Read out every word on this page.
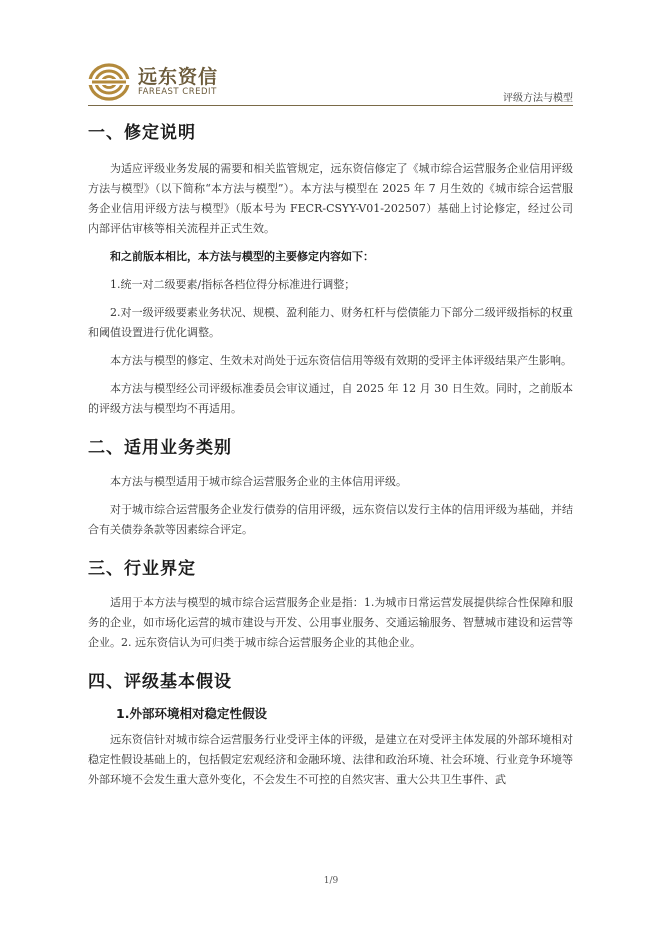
远东资信
FAREAST CREDIT
评级方法与模型
一、修定说明

为适应评级业务发展的需要和相关监管规定，远东资信修定了《城市综合运营服务企业信用评级方法与模型》（以下简称“本方法与模型”）。本方法与模型在 2025 年 7 月生效的《城市综合运营服务企业信用评级方法与模型》（版本号为 FECR-CSYY-V01-202507）基础上讨论修定，经过公司内部评估审核等相关流程并正式生效。

和之前版本相比，本方法与模型的主要修定内容如下：

1.统一对二级要素/指标各档位得分标准进行调整；

2.对一级评级要素业务状况、规模、盈利能力、财务杠杆与偿债能力下部分二级评级指标的权重和阈值设置进行优化调整。

本方法与模型的修定、生效未对尚处于远东资信信用等级有效期的受评主体评级结果产生影响。

本方法与模型经公司评级标准委员会审议通过，自 2025 年 12 月 30 日生效。同时，之前版本的评级方法与模型均不再适用。

二、适用业务类别

本方法与模型适用于城市综合运营服务企业的主体信用评级。

对于城市综合运营服务企业发行债券的信用评级，远东资信以发行主体的信用评级为基础，并结合有关债券条款等因素综合评定。

三、行业界定

适用于本方法与模型的城市综合运营服务企业是指：1.为城市日常运营发展提供综合性保障和服务的企业，如市场化运营的城市建设与开发、公用事业服务、交通运输服务、智慧城市建设和运营等企业。2. 远东资信认为可归类于城市综合运营服务企业的其他企业。

四、评级基本假设
1.外部环境相对稳定性假设

远东资信针对城市综合运营服务行业受评主体的评级，是建立在对受评主体发展的外部环境相对稳定性假设基础上的，包括假定宏观经济和金融环境、法律和政治环境、社会环境、行业竞争环境等外部环境不会发生重大意外变化，不会发生不可控的自然灾害、重大公共卫生事件、武

1/9
